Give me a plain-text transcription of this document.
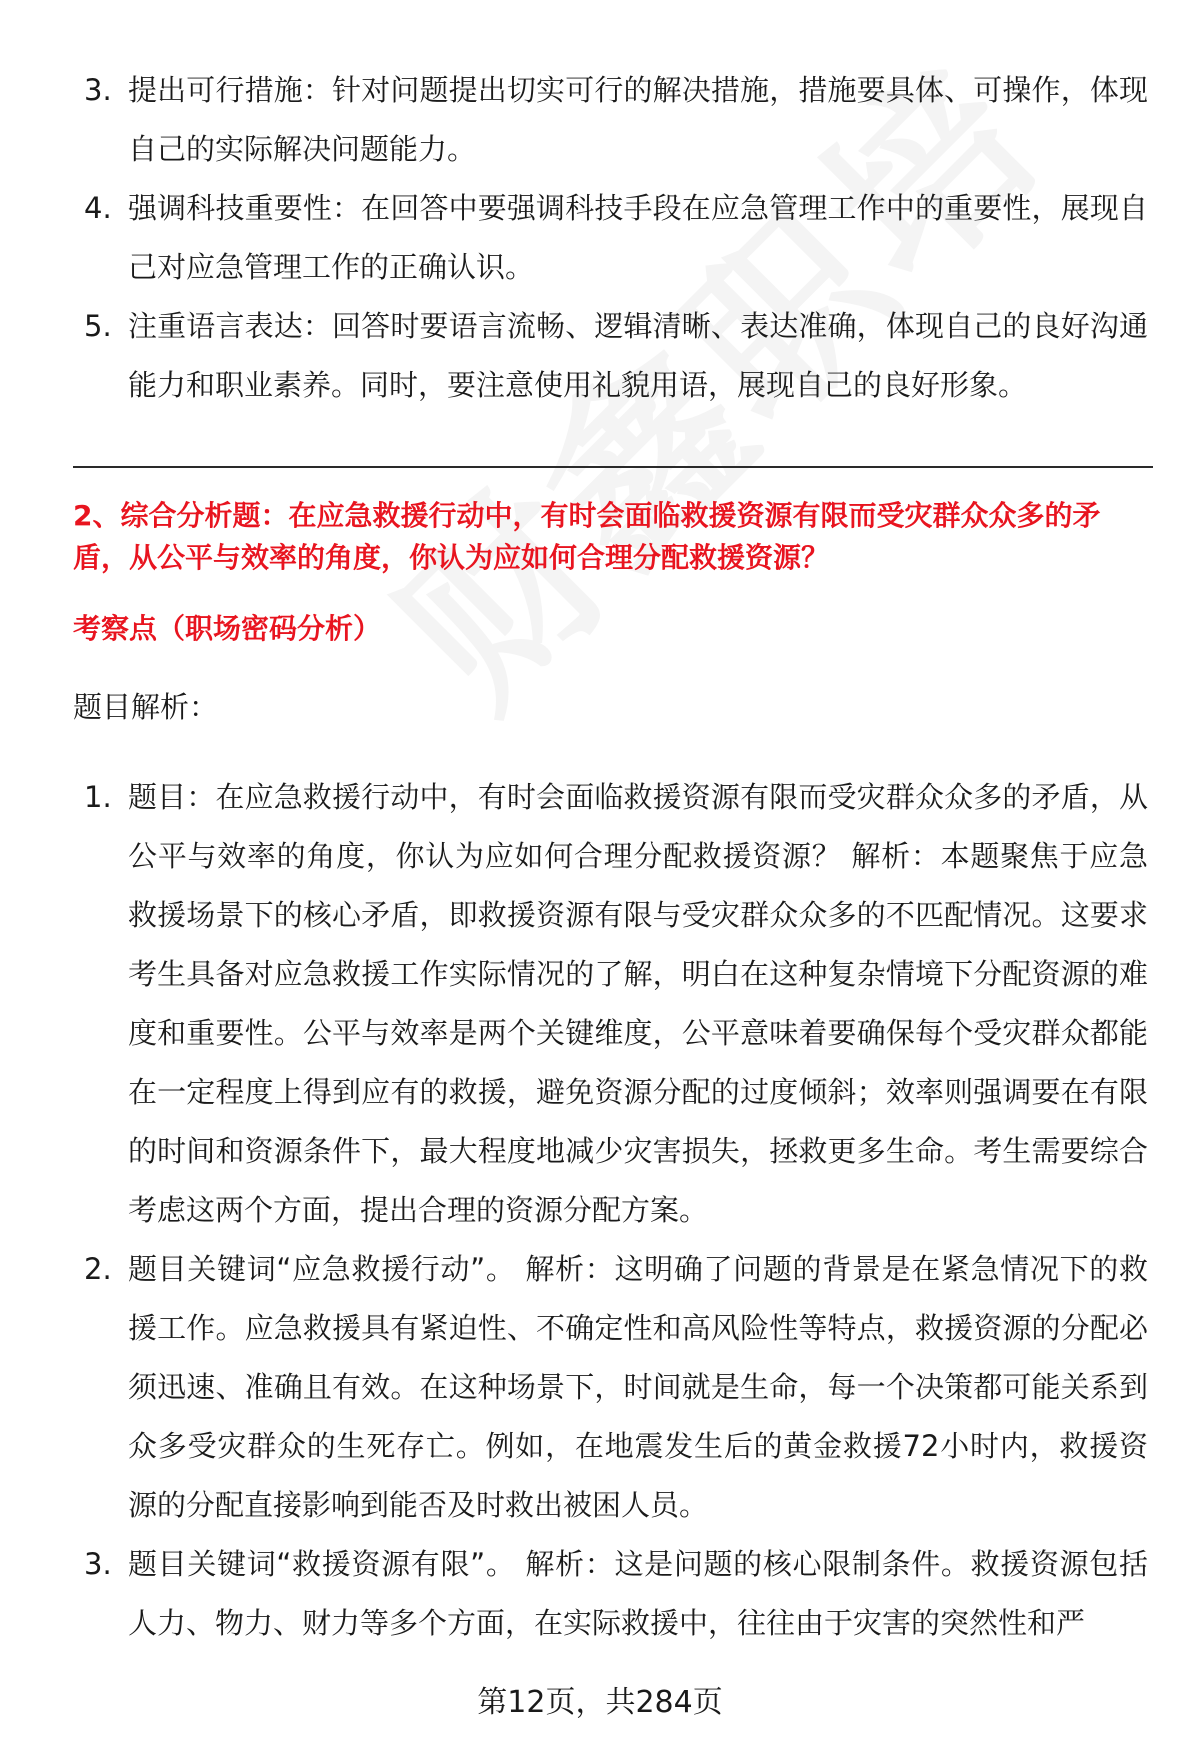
3. 提出可行措施：针对问题提出切实可行的解决措施，措施要具体、可操作，体现自己的实际解决问题能力。
4. 强调科技重要性：在回答中要强调科技手段在应急管理工作中的重要性，展现自己对应急管理工作的正确认识。
5. 注重语言表达：回答时要语言流畅、逻辑清晰、表达准确，体现自己的良好沟通能力和职业素养。同时，要注意使用礼貌用语，展现自己的良好形象。
2、综合分析题：在应急救援行动中，有时会面临救援资源有限而受灾群众众多的矛盾，从公平与效率的角度，你认为应如何合理分配救援资源？
考察点（职场密码分析）
题目解析：
1. 题目：在应急救援行动中，有时会面临救援资源有限而受灾群众众多的矛盾，从公平与效率的角度，你认为应如何合理分配救援资源？ 解析：本题聚焦于应急救援场景下的核心矛盾，即救援资源有限与受灾群众众多的不匹配情况。这要求考生具备对应急救援工作实际情况的了解，明白在这种复杂情境下分配资源的难度和重要性。公平与效率是两个关键维度，公平意味着要确保每个受灾群众都能在一定程度上得到应有的救援，避免资源分配的过度倾斜；效率则强调要在有限的时间和资源条件下，最大程度地减少灾害损失，拯救更多生命。考生需要综合考虑这两个方面，提出合理的资源分配方案。
2. 题目关键词“应急救援行动”。 解析：这明确了问题的背景是在紧急情况下的救援工作。应急救援具有紧迫性、不确定性和高风险性等特点，救援资源的分配必须迅速、准确且有效。在这种场景下，时间就是生命，每一个决策都可能关系到众多受灾群众的生死存亡。例如，在地震发生后的黄金救援72小时内，救援资源的分配直接影响到能否及时救出被困人员。
3. 题目关键词“救援资源有限”。 解析：这是问题的核心限制条件。救援资源包括人力、物力、财力等多个方面，在实际救援中，往往由于灾害的突然性和严
第12页，共284页
